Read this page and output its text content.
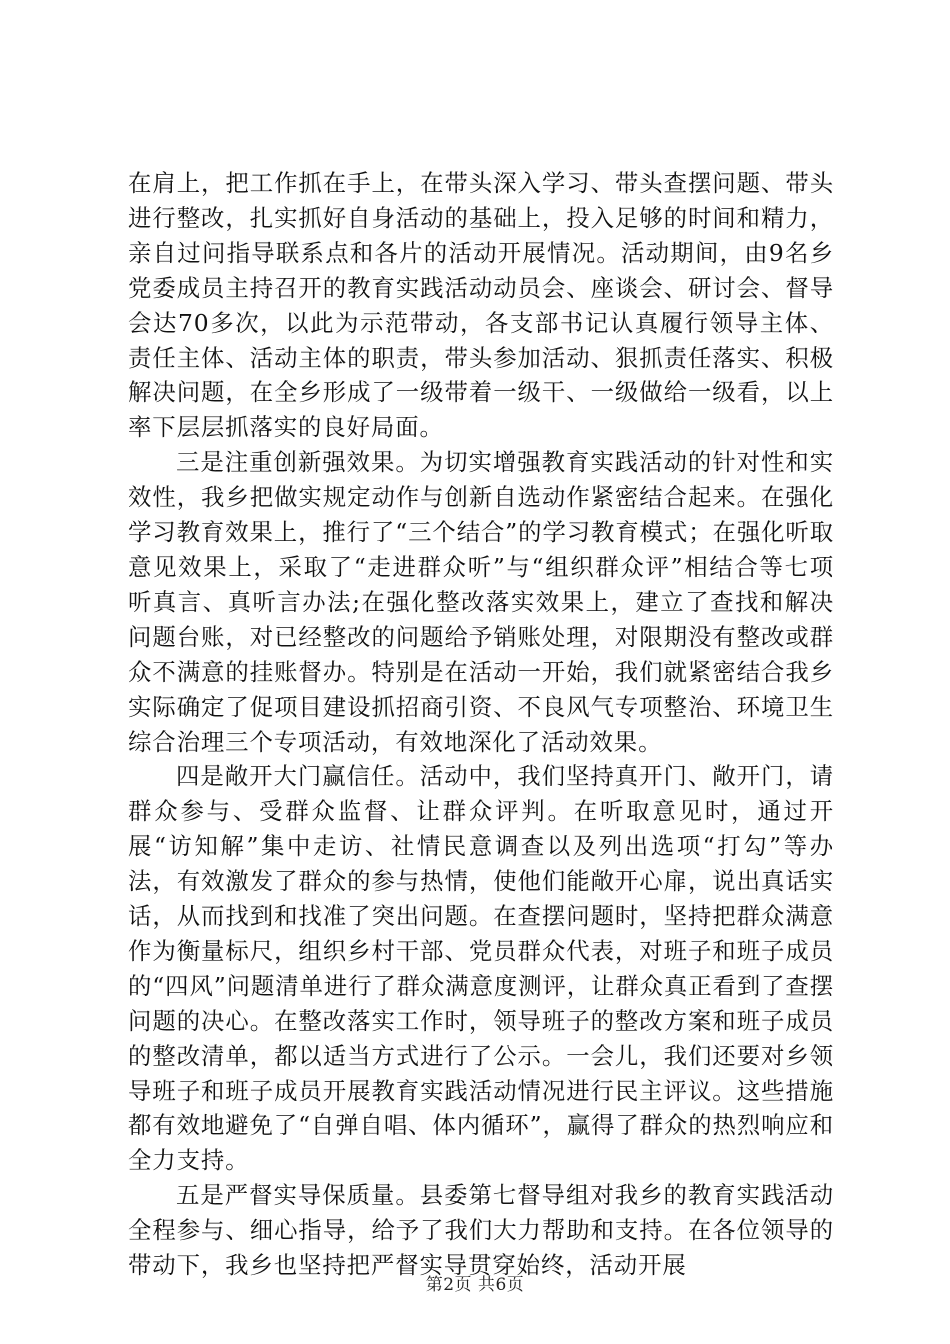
在肩上，把工作抓在手上，在带头深入学习、带头查摆问题、带头进行整改，扎实抓好自身活动的基础上，投入足够的时间和精力，亲自过问指导联系点和各片的活动开展情况。活动期间，由9名乡党委成员主持召开的教育实践活动动员会、座谈会、研讨会、督导会达70多次，以此为示范带动，各支部书记认真履行领导主体、责任主体、活动主体的职责，带头参加活动、狠抓责任落实、积极解决问题，在全乡形成了一级带着一级干、一级做给一级看，以上率下层层抓落实的良好局面。

三是注重创新强效果。为切实增强教育实践活动的针对性和实效性，我乡把做实规定动作与创新自选动作紧密结合起来。在强化学习教育效果上，推行了“三个结合”的学习教育模式；在强化听取意见效果上，采取了“走进群众听”与“组织群众评”相结合等七项听真言、真听言办法;在强化整改落实效果上，建立了查找和解决问题台账，对已经整改的问题给予销账处理，对限期没有整改或群众不满意的挂账督办。特别是在活动一开始，我们就紧密结合我乡实际确定了促项目建设抓招商引资、不良风气专项整治、环境卫生综合治理三个专项活动，有效地深化了活动效果。

四是敞开大门赢信任。活动中，我们坚持真开门、敞开门，请群众参与、受群众监督、让群众评判。在听取意见时，通过开展“访知解”集中走访、社情民意调查以及列出选项“打勾”等办法，有效激发了群众的参与热情，使他们能敞开心扉，说出真话实话，从而找到和找准了突出问题。在查摆问题时，坚持把群众满意作为衡量标尺，组织乡村干部、党员群众代表，对班子和班子成员的“四风”问题清单进行了群众满意度测评，让群众真正看到了查摆问题的决心。在整改落实工作时，领导班子的整改方案和班子成员的整改清单，都以适当方式进行了公示。一会儿，我们还要对乡领导班子和班子成员开展教育实践活动情况进行民主评议。这些措施都有效地避免了“自弹自唱、体内循环”，赢得了群众的热烈响应和全力支持。

五是严督实导保质量。县委第七督导组对我乡的教育实践活动全程参与、细心指导，给予了我们大力帮助和支持。在各位领导的带动下，我乡也坚持把严督实导贯穿始终，活动开展

第2页 共6页
